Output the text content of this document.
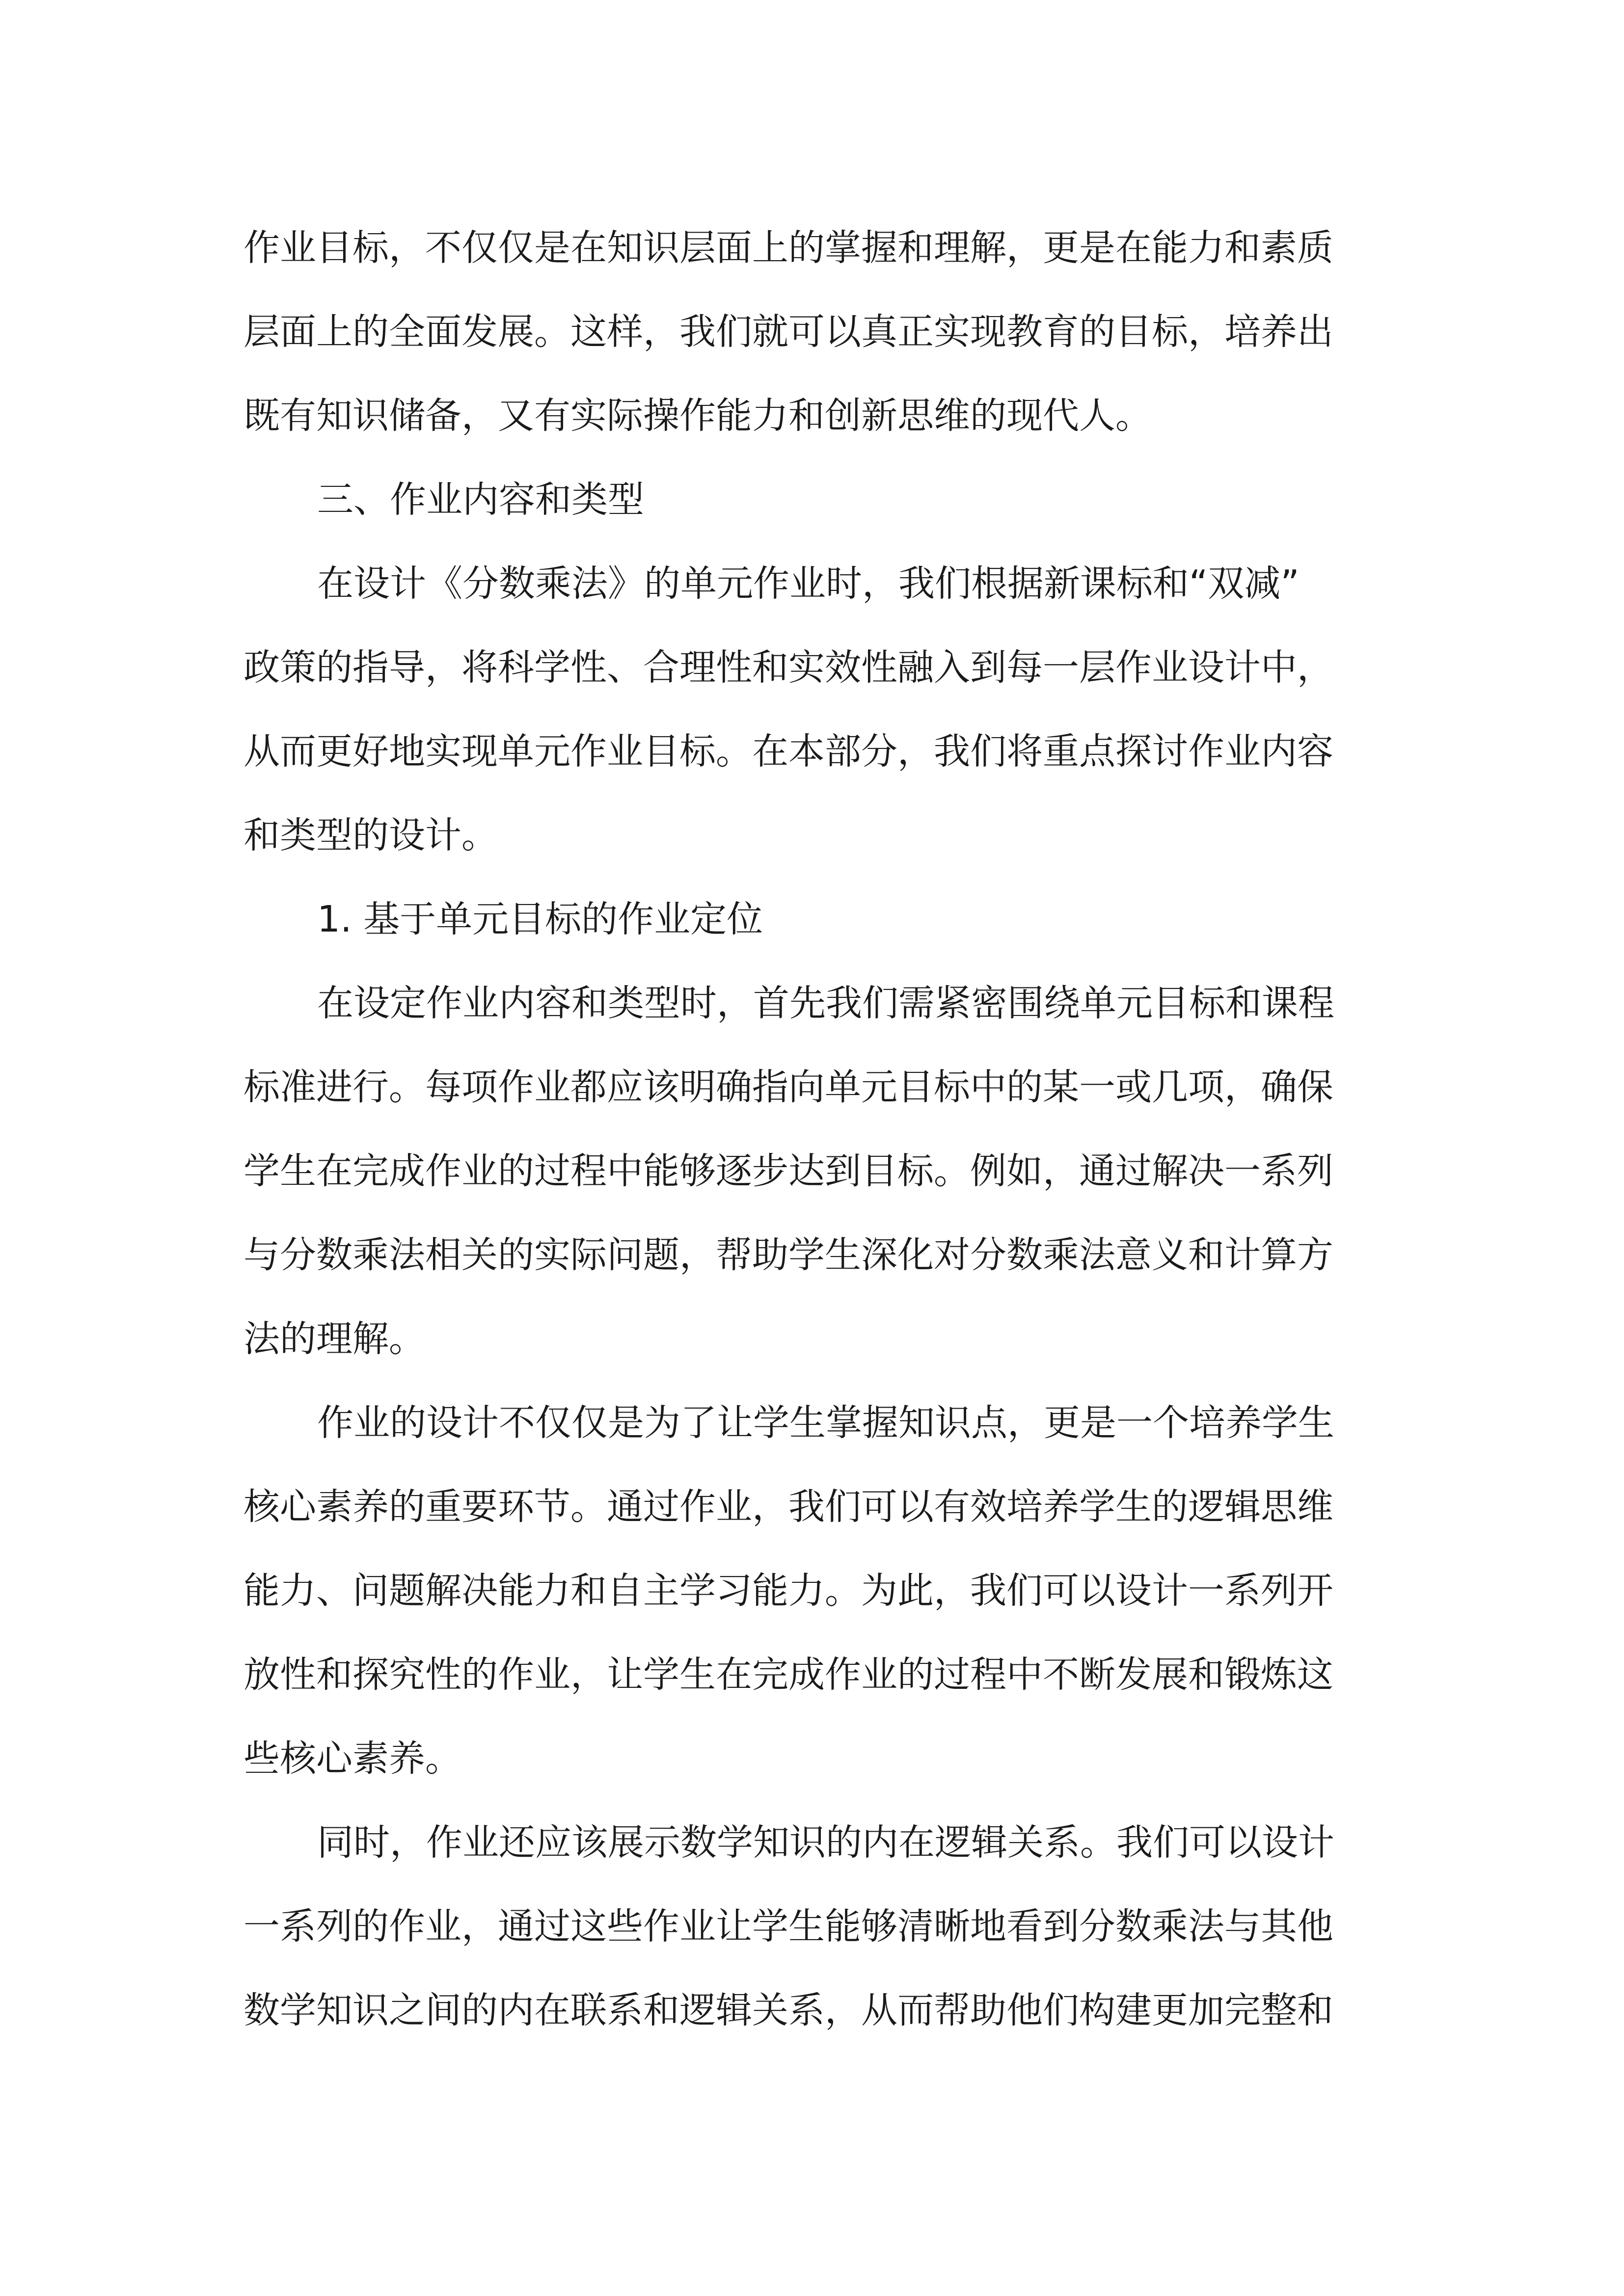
作业目标，不仅仅是在知识层面上的掌握和理解，更是在能力和素质
层面上的全面发展。这样，我们就可以真正实现教育的目标，培养出
既有知识储备，又有实际操作能力和创新思维的现代人。
三、作业内容和类型
在设计《分数乘法》的单元作业时，我们根据新课标和“双减”
政策的指导，将科学性、合理性和实效性融入到每一层作业设计中，
从而更好地实现单元作业目标。在本部分，我们将重点探讨作业内容
和类型的设计。
1. 基于单元目标的作业定位
在设定作业内容和类型时，首先我们需紧密围绕单元目标和课程
标准进行。每项作业都应该明确指向单元目标中的某一或几项，确保
学生在完成作业的过程中能够逐步达到目标。例如，通过解决一系列
与分数乘法相关的实际问题，帮助学生深化对分数乘法意义和计算方
法的理解。
作业的设计不仅仅是为了让学生掌握知识点，更是一个培养学生
核心素养的重要环节。通过作业，我们可以有效培养学生的逻辑思维
能力、问题解决能力和自主学习能力。为此，我们可以设计一系列开
放性和探究性的作业，让学生在完成作业的过程中不断发展和锻炼这
些核心素养。
同时，作业还应该展示数学知识的内在逻辑关系。我们可以设计
一系列的作业，通过这些作业让学生能够清晰地看到分数乘法与其他
数学知识之间的内在联系和逻辑关系，从而帮助他们构建更加完整和
